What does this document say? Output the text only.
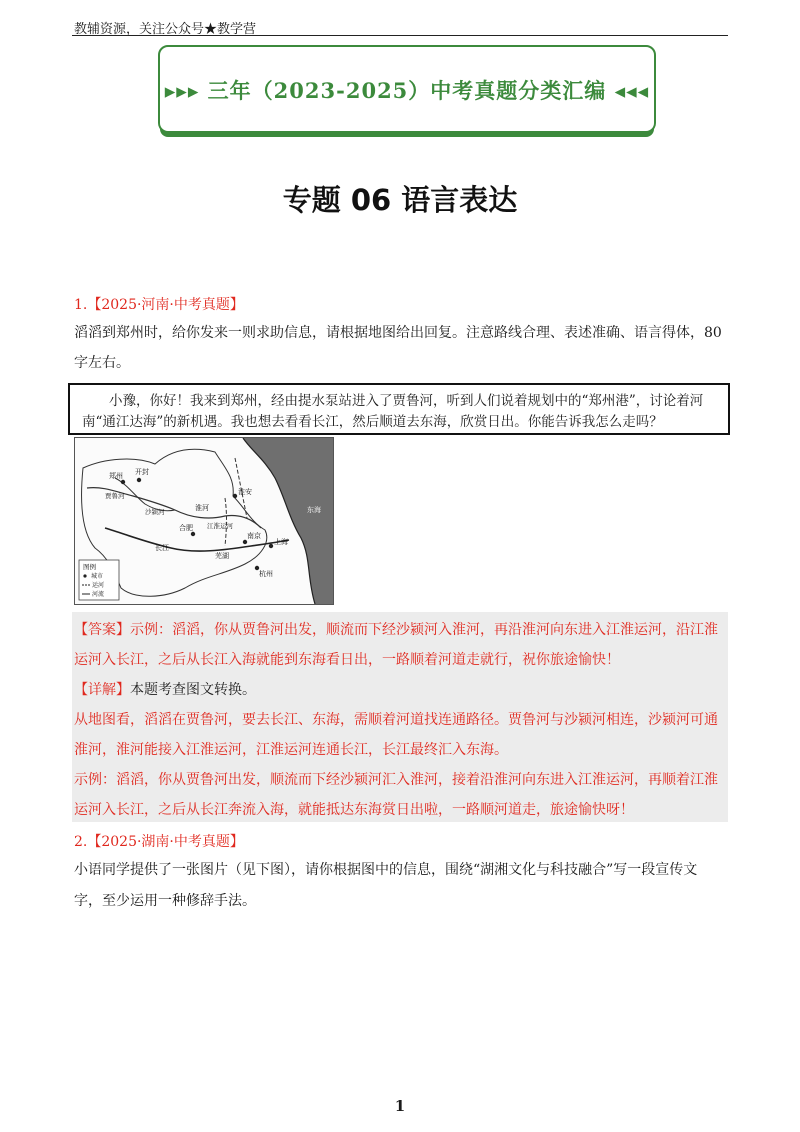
教辅资源，关注公众号★教学营
▸▸▸ 三年（2023-2025）中考真题分类汇编 ◂◂◂
专题 06 语言表达
1.【2025·河南·中考真题】
滔滔到郑州时，给你发来一则求助信息，请根据地图给出回复。注意路线合理、表述准确、语言得体，80
字左右。
小豫，你好！我来到郑州，经由提水泵站进入了贾鲁河，听到人们说着规划中的“郑州港”，讨论着河南“通江达海”的新机遇。我也想去看看长江，然后顺道去东海，欣赏日出。你能告诉我怎么走吗？
郑州 开封
贾鲁河
沙颍河	淮河
淮安
江淮运河
合肥
芜湖
长江
南京
上海
杭州
东海
图例
城市
运河
河流
【答案】示例：滔滔，你从贾鲁河出发，顺流而下经沙颍河入淮河，再沿淮河向东进入江淮运河，沿江淮
运河入长江，之后从长江入海就能到东海看日出，一路顺着河道走就行，祝你旅途愉快！
【详解】本题考查图文转换。
从地图看，滔滔在贾鲁河，要去长江、东海，需顺着河道找连通路径。贾鲁河与沙颍河相连，沙颍河可通
淮河，淮河能接入江淮运河，江淮运河连通长江，长江最终汇入东海。
示例：滔滔，你从贾鲁河出发，顺流而下经沙颍河汇入淮河，接着沿淮河向东进入江淮运河，再顺着江淮
运河入长江，之后从长江奔流入海，就能抵达东海赏日出啦，一路顺河道走，旅途愉快呀！
2.【2025·湖南·中考真题】
小语同学提供了一张图片（见下图），请你根据图中的信息，围绕“湖湘文化与科技融合”写一段宣传文
字，至少运用一种修辞手法。
1
